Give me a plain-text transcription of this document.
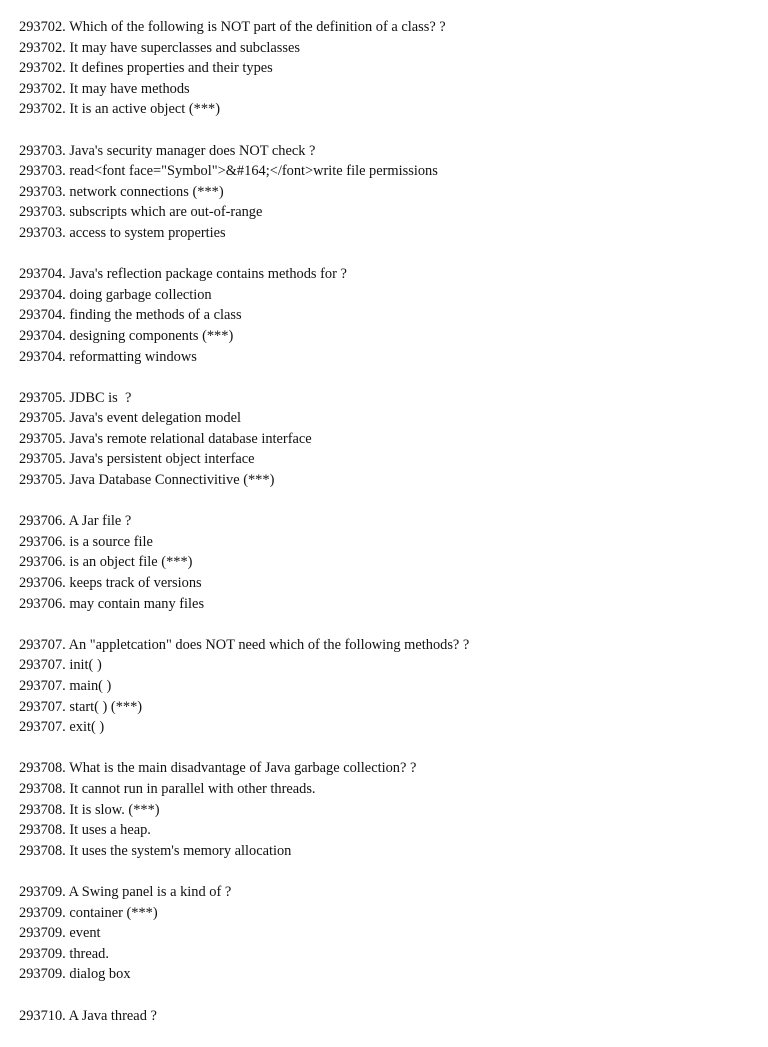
293702. Which of the following is NOT part of the definition of a class? ?
293702. It may have superclasses and subclasses
293702. It defines properties and their types
293702. It may have methods
293702. It is an active object (***)
293703. Java's security manager does NOT check ?
293703. read<font face="Symbol">&#164;</font>write file permissions
293703. network connections (***)
293703. subscripts which are out-of-range
293703. access to system properties
293704. Java's reflection package contains methods for ?
293704. doing garbage collection
293704. finding the methods of a class
293704. designing components (***)
293704. reformatting windows
293705. JDBC is  ?
293705. Java's event delegation model
293705. Java's remote relational database interface
293705. Java's persistent object interface
293705. Java Database Connectivitive (***)
293706. A Jar file ?
293706. is a source file
293706. is an object file (***)
293706. keeps track of versions
293706. may contain many files
293707. An "appletcation" does NOT need which of the following methods? ?
293707. init( )
293707. main( )
293707. start( ) (***)
293707. exit( )
293708. What is the main disadvantage of Java garbage collection? ?
293708. It cannot run in parallel with other threads.
293708. It is slow. (***)
293708. It uses a heap.
293708. It uses the system's memory allocation
293709. A Swing panel is a kind of ?
293709. container (***)
293709. event
293709. thread.
293709. dialog box
293710. A Java thread ?
